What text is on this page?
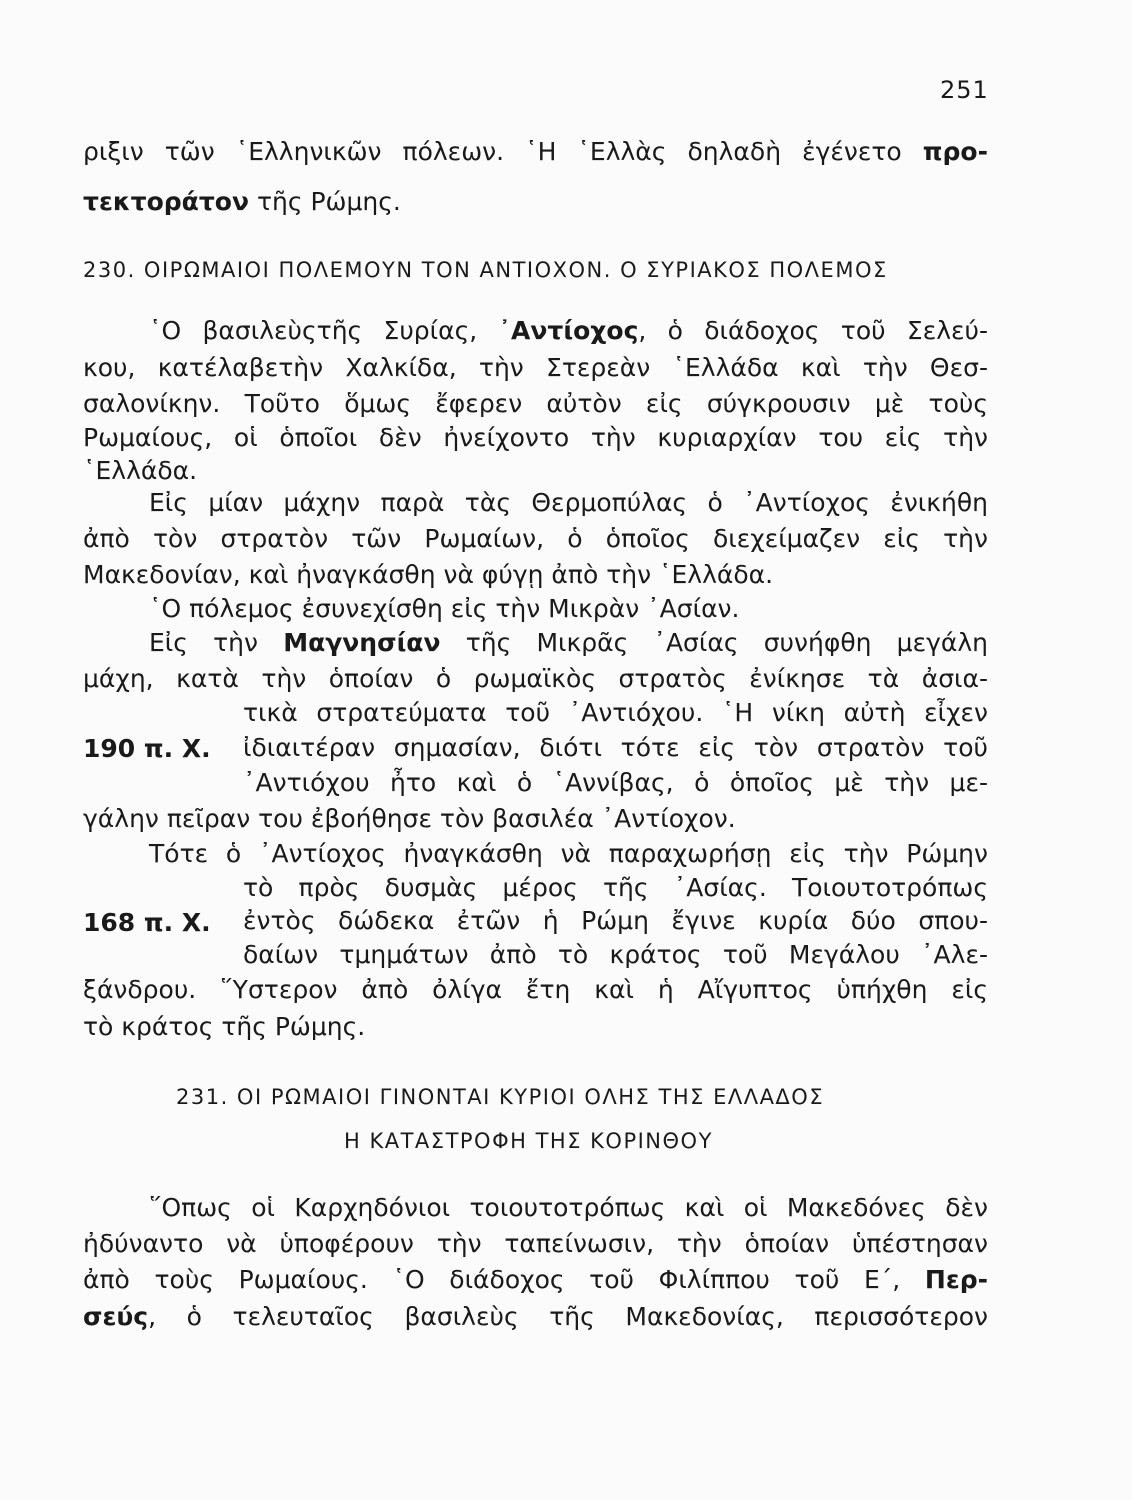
251
ριξιν τῶν ῾Ελληνικῶν πόλεων. ῾Η ῾Ελλὰς δηλαδὴ ἐγένετο προ-
τεκτοράτον τῆς Ρώμης.
230. ΟΙΡΩΜΑΙΟΙ ΠΟΛΕΜΟΥΝ ΤΟΝ ΑΝΤΙΟΧΟΝ. Ο ΣΥΡΙΑΚΟΣ ΠΟΛΕΜΟΣ
῾Ο βασιλεὺςτῆς Συρίας, ᾿Αντίοχος, ὁ διάδοχος τοῦ Σελεύ-
κου, κατέλαβετὴν Χαλκίδα, τὴν Στερεὰν ῾Ελλάδα καὶ τὴν Θεσ-
σαλονίκην. Τοῦτο ὅμως ἔφερεν αὐτὸν εἰς σύγκρουσιν μὲ τοὺς
Ρωμαίους, οἱ ὁποῖοι δὲν ἠνείχοντο τὴν κυριαρχίαν του εἰς τὴν
῾Ελλάδα.
Εἰς μίαν μάχην παρὰ τὰς Θερμοπύλας ὁ ᾿Αντίοχος ἐνικήθη
ἀπὸ τὸν στρατὸν τῶν Ρωμαίων, ὁ ὁποῖος διεχείμαζεν εἰς τὴν
Μακεδονίαν, καὶ ἠναγκάσθη νὰ φύγῃ ἀπὸ τὴν ῾Ελλάδα.
῾Ο πόλεμος ἐσυνεχίσθη εἰς τὴν Μικρὰν ᾿Ασίαν.
Εἰς τὴν Μαγνησίαν τῆς Μικρᾶς ᾿Ασίας συνήφθη μεγάλη
μάχη, κατὰ τὴν ὁποίαν ὁ ρωμαϊκὸς στρατὸς ἐνίκησε τὰ ἀσια-
τικὰ στρατεύματα τοῦ ᾿Αντιόχου. ῾Η νίκη αὐτὴ εἶχεν
190 π. Χ. ἰδιαιτέραν σημασίαν, διότι τότε εἰς τὸν στρατὸν τοῦ
᾿Αντιόχου ἦτο καὶ ὁ ῾Αννίβας, ὁ ὁποῖος μὲ τὴν με-
γάλην πεῖραν του ἐβοήθησε τὸν βασιλέα ᾿Αντίοχον.
Τότε ὁ ᾿Αντίοχος ἠναγκάσθη νὰ παραχωρήσῃ εἰς τὴν Ρώμην
τὸ πρὸς δυσμὰς μέρος τῆς ᾿Ασίας. Τοιουτοτρόπως
168 π. Χ. ἐντὸς δώδεκα ἐτῶν ἡ Ρώμη ἔγινε κυρία δύο σπου-
δαίων τμημάτων ἀπὸ τὸ κράτος τοῦ Μεγάλου ᾿Αλε-
ξάνδρου. ῞Υστερον ἀπὸ ὀλίγα ἔτη καὶ ἡ Αἴγυπτος ὑπήχθη εἰς
τὸ κράτος τῆς Ρώμης.
231. ΟΙ ΡΩΜΑΙΟΙ ΓΙΝΟΝΤΑΙ ΚΥΡΙΟΙ ΟΛΗΣ ΤΗΣ ΕΛΛΑΔΟΣ
Η ΚΑΤΑΣΤΡΟΦΗ ΤΗΣ ΚΟΡΙΝΘΟΥ
῞Οπως οἱ Καρχηδόνιοι τοιουτοτρόπως καὶ οἱ Μακεδόνες δὲν
ἠδύναντο νὰ ὑποφέρουν τὴν ταπείνωσιν, τὴν ὁποίαν ὑπέστησαν
ἀπὸ τοὺς Ρωμαίους. ῾Ο διάδοχος τοῦ Φιλίππου τοῦ Ε΄, Περ-
σεύς, ὁ τελευταῖος βασιλεὺς τῆς Μακεδονίας, περισσότερον
